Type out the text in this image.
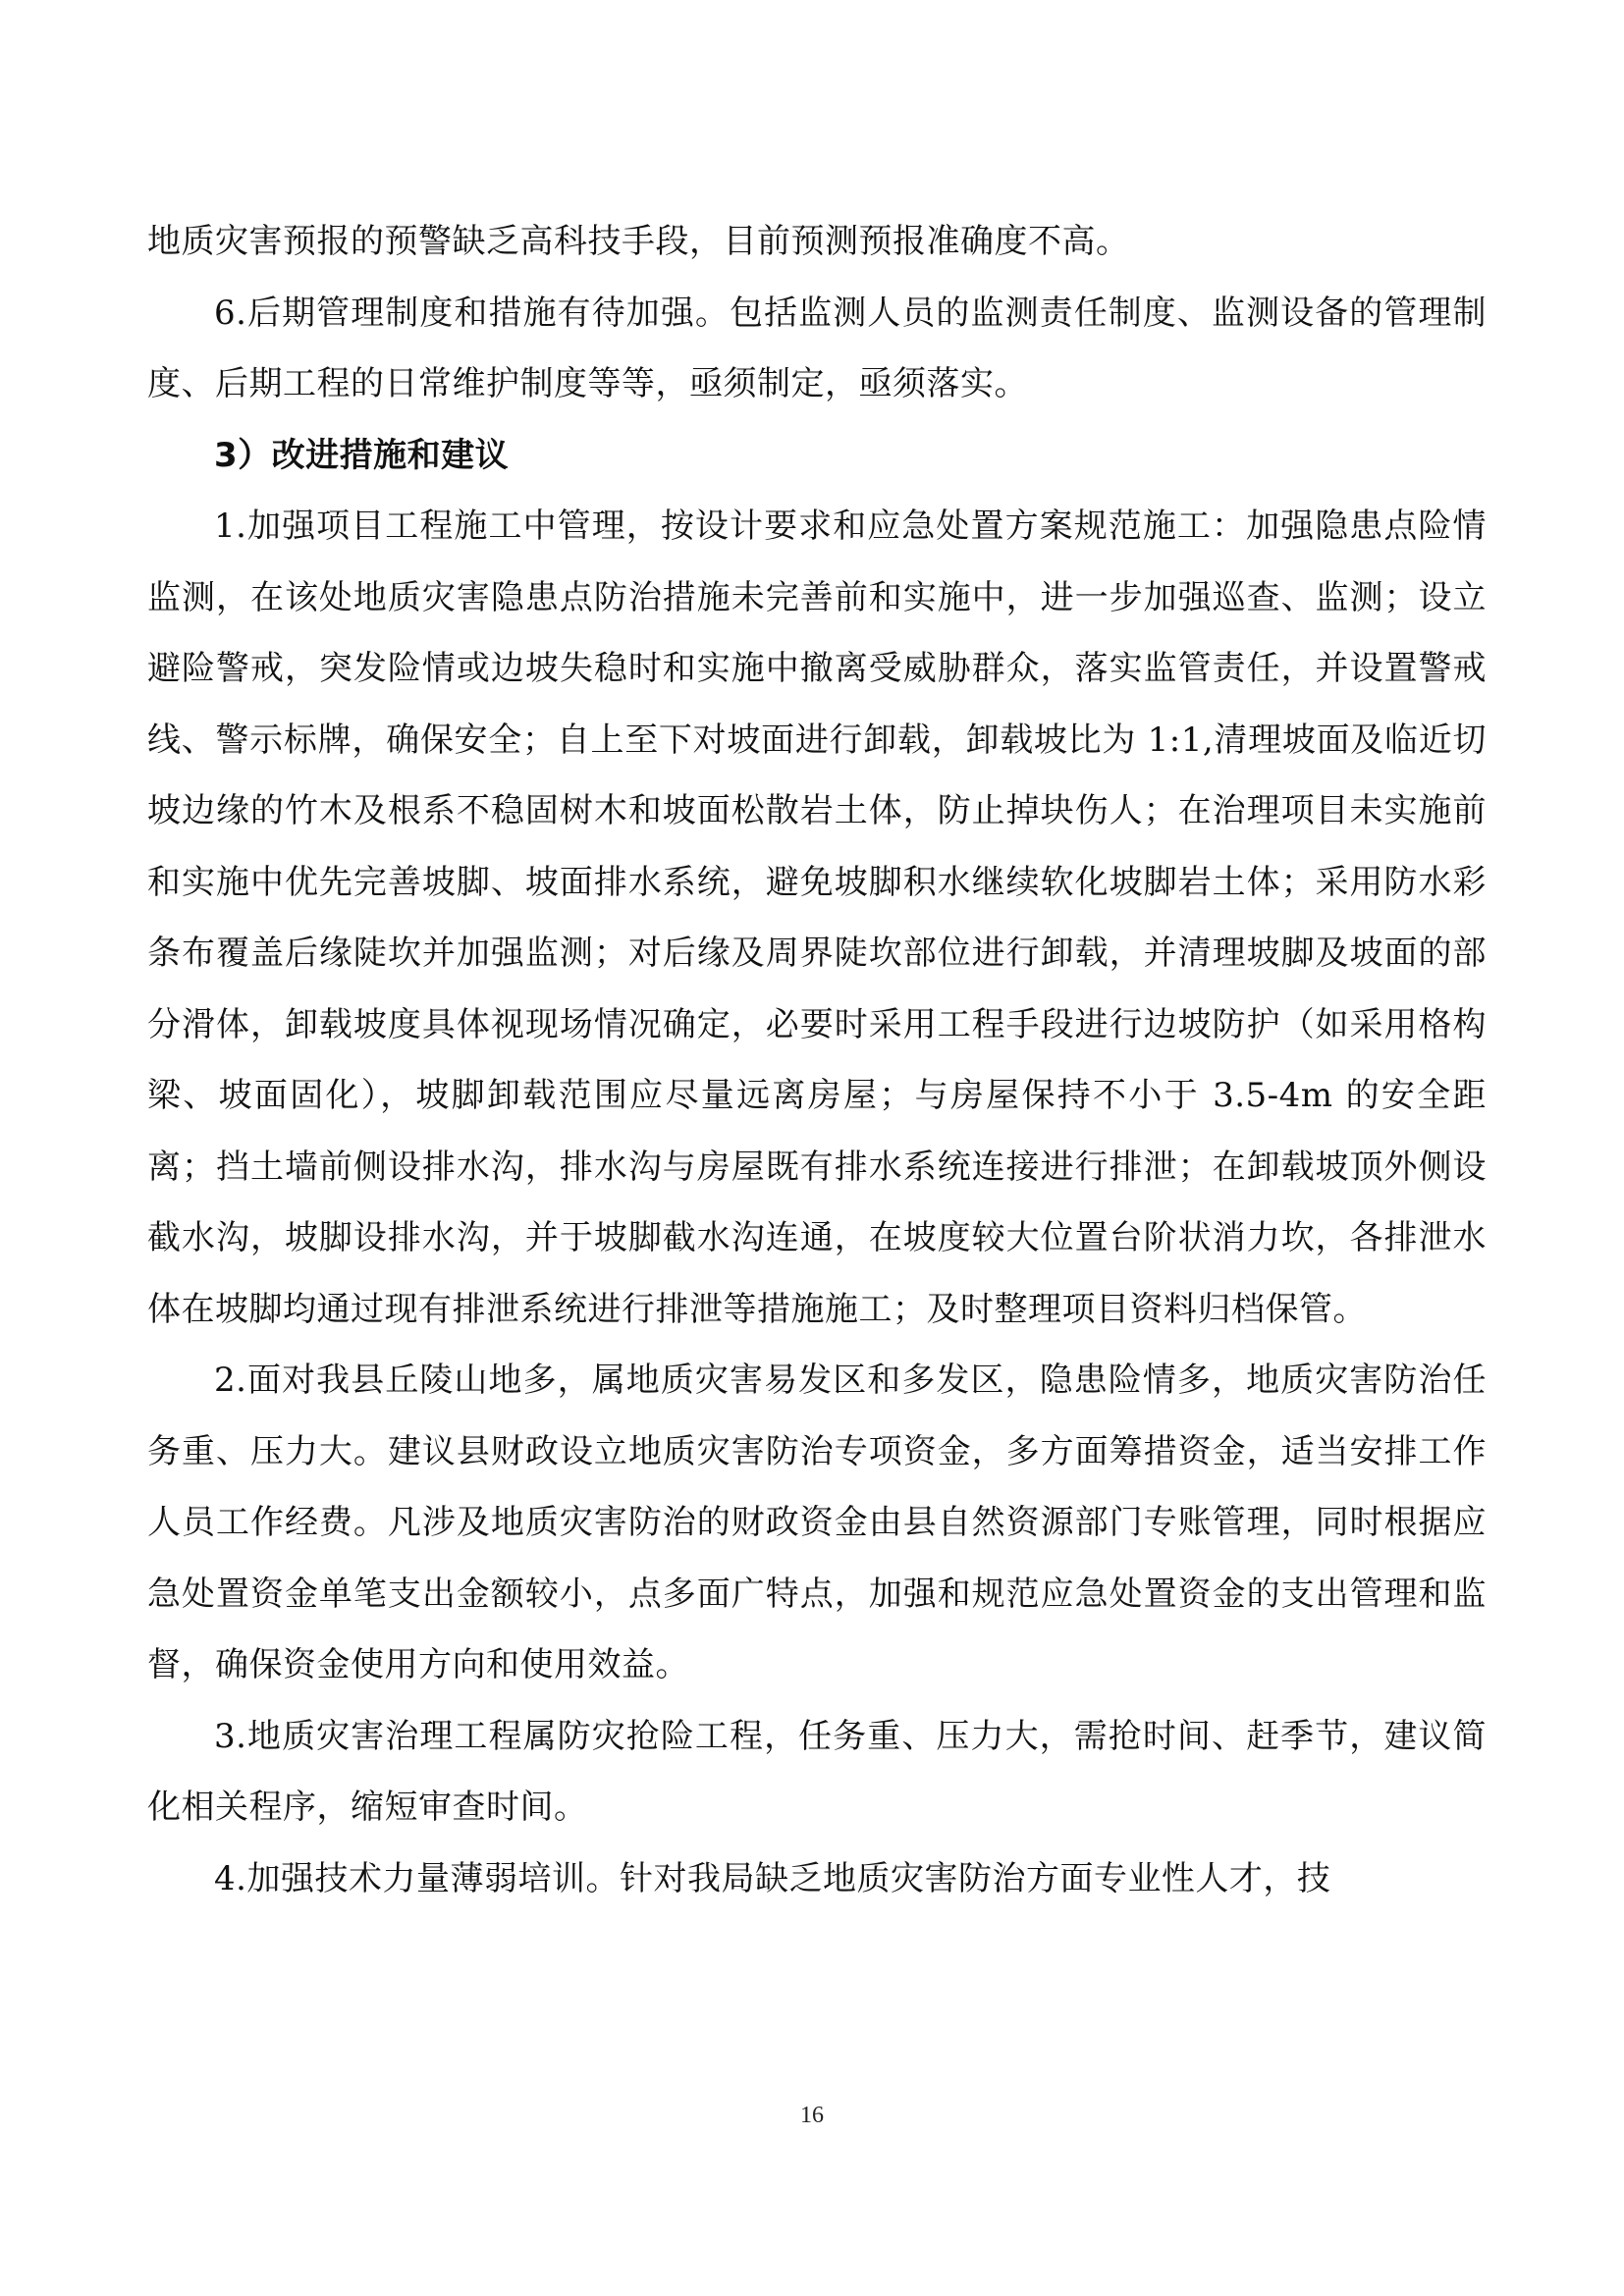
地质灾害预报的预警缺乏高科技手段，目前预测预报准确度不高。

6.后期管理制度和措施有待加强。包括监测人员的监测责任制度、监测设备的管理制度、后期工程的日常维护制度等等，亟须制定，亟须落实。

3）改进措施和建议

1.加强项目工程施工中管理，按设计要求和应急处置方案规范施工：加强隐患点险情监测，在该处地质灾害隐患点防治措施未完善前和实施中，进一步加强巡查、监测；设立避险警戒，突发险情或边坡失稳时和实施中撤离受威胁群众，落实监管责任，并设置警戒线、警示标牌，确保安全；自上至下对坡面进行卸载，卸载坡比为 1:1,清理坡面及临近切坡边缘的竹木及根系不稳固树木和坡面松散岩土体，防止掉块伤人；在治理项目未实施前和实施中优先完善坡脚、坡面排水系统，避免坡脚积水继续软化坡脚岩土体；采用防水彩条布覆盖后缘陡坎并加强监测；对后缘及周界陡坎部位进行卸载，并清理坡脚及坡面的部分滑体，卸载坡度具体视现场情况确定，必要时采用工程手段进行边坡防护（如采用格构梁、坡面固化），坡脚卸载范围应尽量远离房屋；与房屋保持不小于 3.5-4m 的安全距离；挡土墙前侧设排水沟，排水沟与房屋既有排水系统连接进行排泄；在卸载坡顶外侧设截水沟，坡脚设排水沟，并于坡脚截水沟连通，在坡度较大位置台阶状消力坎，各排泄水体在坡脚均通过现有排泄系统进行排泄等措施施工；及时整理项目资料归档保管。

2.面对我县丘陵山地多，属地质灾害易发区和多发区，隐患险情多，地质灾害防治任务重、压力大。建议县财政设立地质灾害防治专项资金，多方面筹措资金，适当安排工作人员工作经费。凡涉及地质灾害防治的财政资金由县自然资源部门专账管理，同时根据应急处置资金单笔支出金额较小，点多面广特点，加强和规范应急处置资金的支出管理和监督，确保资金使用方向和使用效益。

3.地质灾害治理工程属防灾抢险工程，任务重、压力大，需抢时间、赶季节，建议简化相关程序，缩短审查时间。

4.加强技术力量薄弱培训。针对我局缺乏地质灾害防治方面专业性人才，技

16
